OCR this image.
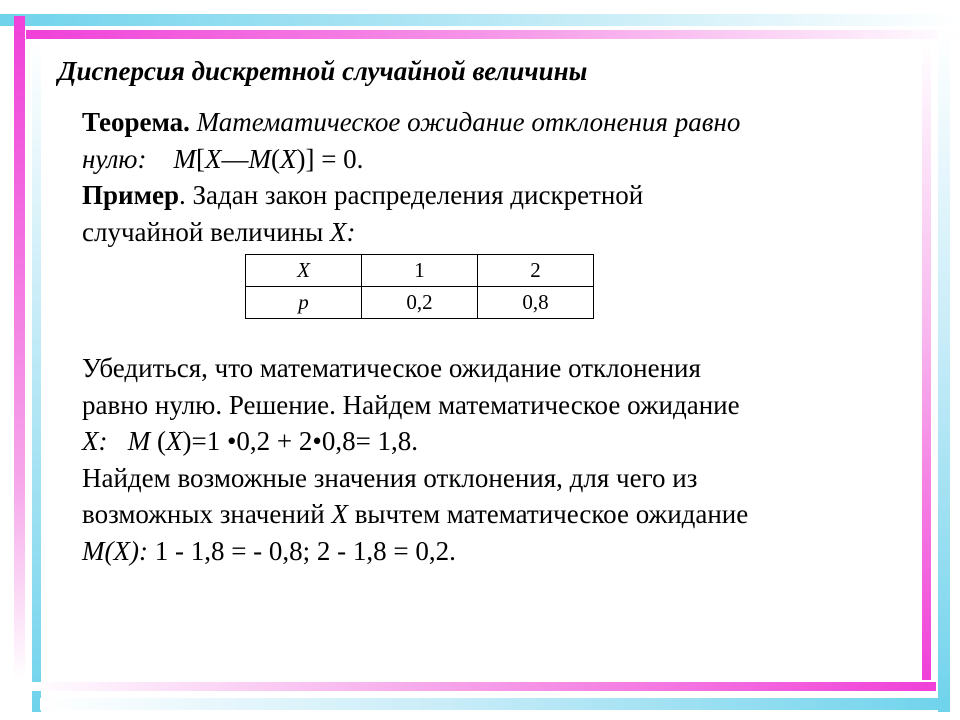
Дисперсия дискретной случайной величины
Теорема. Математическое ожидание отклонения равно
нулю: M[X—M(X)] = 0.
Пример. Задан закон распределения дискретной
случайной величины X:
Убедиться, что математическое ожидание отклонения
равно нулю. Решение. Найдем математическое ожидание
X: M (X)=1 •0,2 + 2•0,8= 1,8.
Найдем возможные значения отклонения, для чего из
возможных значений X вычтем математическое ожидание
M(X): 1 - 1,8 = - 0,8; 2 - 1,8 = 0,2.
X	1	2
p	0,2	0,8
